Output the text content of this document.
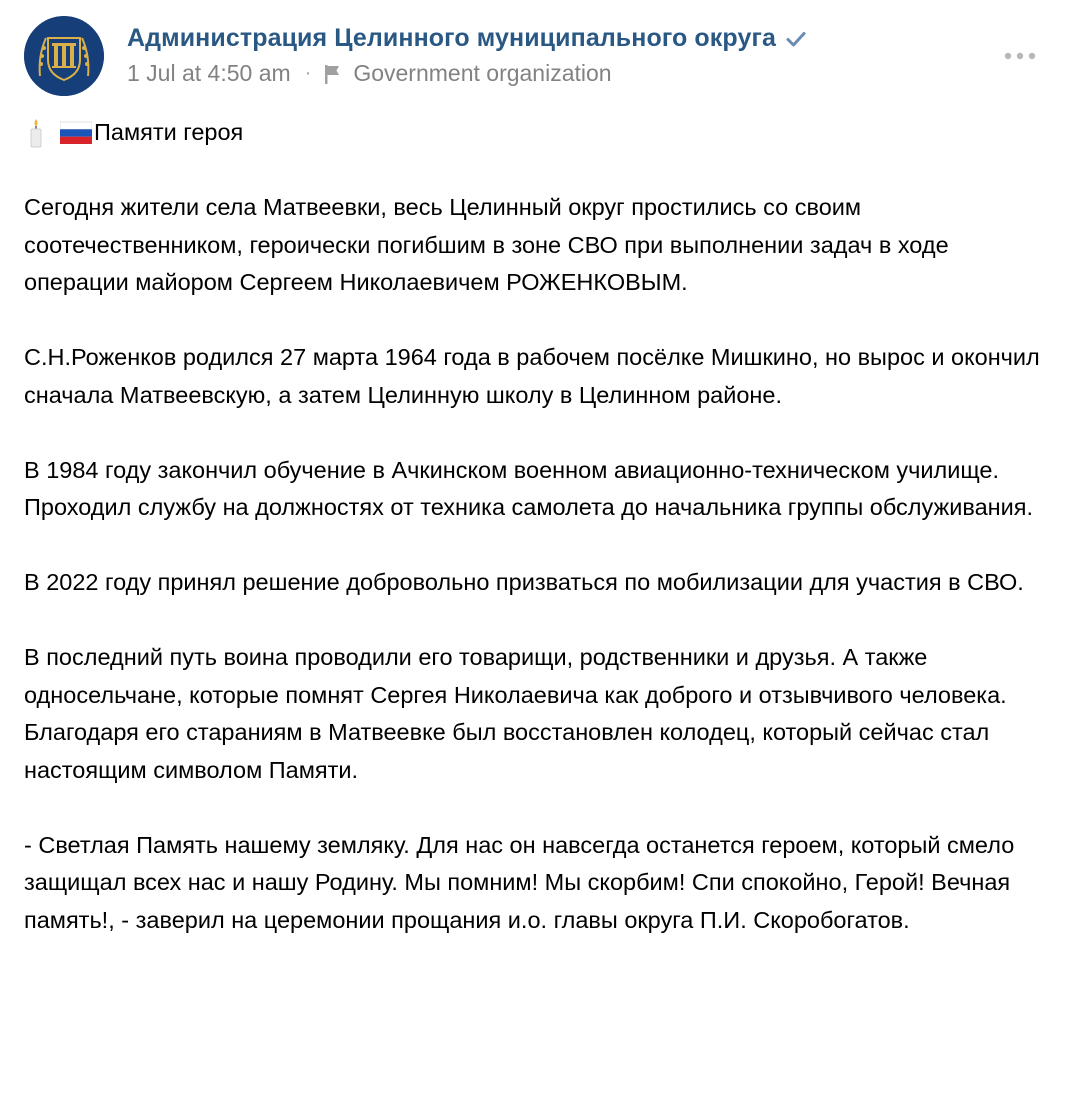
Администрация Целинного муниципального округа
1 Jul at 4:50 am · Government organization
Памяти героя

Сегодня жители села Матвеевки, весь Целинный округ простились со своим соотечественником, героически погибшим в зоне СВО при выполнении задач в ходе операции майором Сергеем Николаевичем РОЖЕНКОВЫМ.

С.Н.Роженков родился 27 марта 1964 года в рабочем посёлке Мишкино, но вырос и окончил сначала Матвеевскую, а затем Целинную школу в Целинном районе.

В 1984 году закончил обучение в Ачкинском военном авиационно-техническом училище. Проходил службу на должностях от техника самолета до начальника группы обслуживания.

В 2022 году принял решение добровольно призваться по мобилизации для участия в СВО.

В последний путь воина проводили его товарищи, родственники и друзья. А также односельчане, которые помнят Сергея Николаевича как доброго и отзывчивого человека. Благодаря его стараниям в Матвеевке был восстановлен колодец, который сейчас стал настоящим символом Памяти.

- Светлая Память нашему земляку. Для нас он навсегда останется героем, который смело защищал всех нас и нашу Родину. Мы помним! Мы скорбим! Спи спокойно, Герой! Вечная память!, - заверил на церемонии прощания и.о. главы округа П.И. Скоробогатов.
